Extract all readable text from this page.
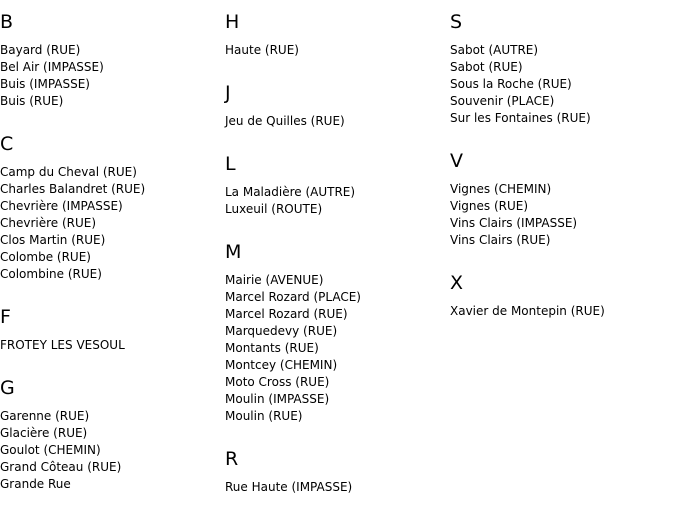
B
Bayard (RUE)
Bel Air (IMPASSE)
Buis (IMPASSE)
Buis (RUE)
C
Camp du Cheval (RUE)
Charles Balandret (RUE)
Chevrière (IMPASSE)
Chevrière (RUE)
Clos Martin (RUE)
Colombe (RUE)
Colombine (RUE)
F
FROTEY LES VESOUL
G
Garenne (RUE)
Glacière (RUE)
Goulot (CHEMIN)
Grand Côteau (RUE)
Grande Rue
H
Haute (RUE)
J
Jeu de Quilles (RUE)
L
La Maladière (AUTRE)
Luxeuil (ROUTE)
M
Mairie (AVENUE)
Marcel Rozard (PLACE)
Marcel Rozard (RUE)
Marquedevy (RUE)
Montants (RUE)
Montcey (CHEMIN)
Moto Cross (RUE)
Moulin (IMPASSE)
Moulin (RUE)
R
Rue Haute (IMPASSE)
S
Sabot (AUTRE)
Sabot (RUE)
Sous la Roche (RUE)
Souvenir (PLACE)
Sur les Fontaines (RUE)
V
Vignes (CHEMIN)
Vignes (RUE)
Vins Clairs (IMPASSE)
Vins Clairs (RUE)
X
Xavier de Montepin (RUE)
